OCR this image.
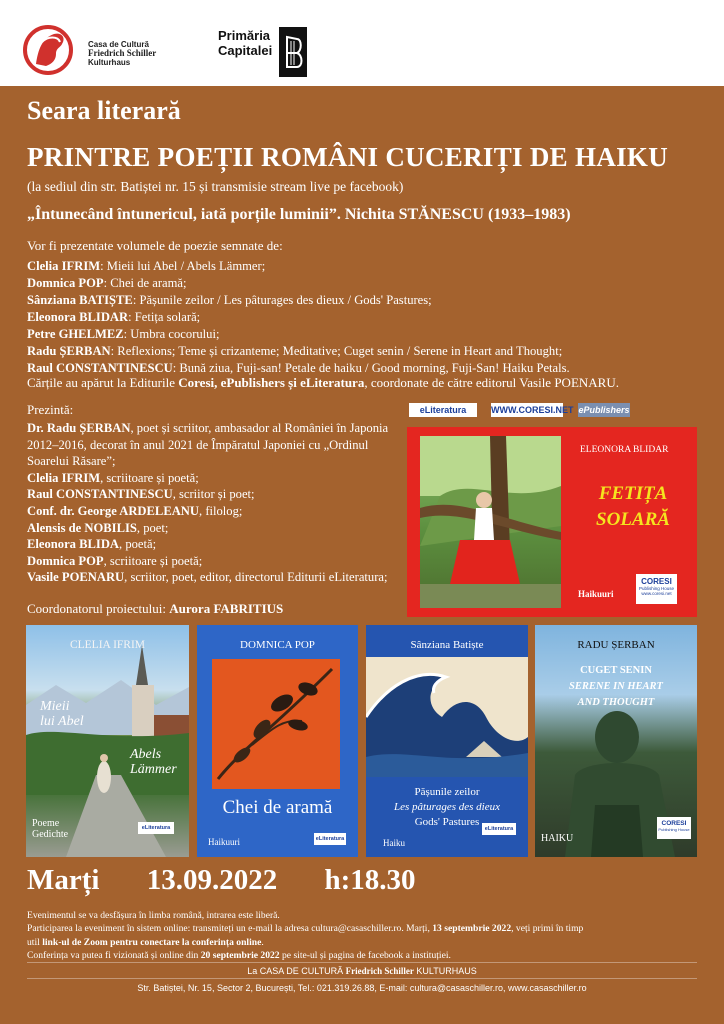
Casa de Cultură
Friedrich Schiller
Kulturhaus
Primăria
Capitalei
Seara literară
PRINTRE POEȚII ROMÂNI CUCERIȚI DE HAIKU
(la sediul din str. Batiștei nr. 15 și transmisie stream live pe facebook)
„Întunecând întunericul, iată porțile luminii”. Nichita STĂNESCU (1933–1983)
Vor fi prezentate volumele de poezie semnate de:
Clelia IFRIM: Mieii lui Abel / Abels Lämmer;
Domnica POP: Chei de aramă;
Sânziana BATIȘTE: Pășunile zeilor / Les pâturages des dieux / Gods' Pastures;
Eleonora BLIDAR: Fetița solară;
Petre GHELMEZ: Umbra cocorului;
Radu ȘERBAN: Reflexions; Teme și crizanteme; Meditative; Cuget senin / Serene in Heart and Thought;
Raul CONSTANTINESCU: Bună ziua, Fuji-san! Petale de haiku / Good morning, Fuji-San! Haiku Petals.
Cărțile au apărut la Editurile Coresi, ePublishers și eLiteratura, coordonate de către editorul Vasile POENARU.
Prezintă:
Dr. Radu ȘERBAN, poet și scriitor, ambasador al României în Japonia 2012–2016, decorat în anul 2021 de Împăratul Japoniei cu „Ordinul Soarelui Răsare”;
Clelia IFRIM, scriitoare și poetă;
Raul CONSTANTINESCU, scriitor și poet;
Conf. dr. George ARDELEANU, filolog;
Alensis de NOBILIS, poet;
Eleonora BLIDA, poetă;
Domnica POP, scriitoare și poetă;
Vasile POENARU, scriitor, poet, editor, directorul Editurii eLiteratura;
Coordonatorul proiectului: Aurora FABRITIUS
eLiteratura	WWW.CORESI.NET ePublishers
ELEONORA BLIDAR
FETIȚA
SOLARĂ
Haikuuri
CORESI
Publishing House
www.coresi.net
CLELIA IFRIM
Mieii
lui Abel
Abels
Lämmer
Poeme
Gedichte
eLiteratura
DOMNICA POP
Chei de aramă
Haikuuri	eLiteratura
Sânziana Batiște
Pășunile zeilor
Les pâturages des dieux
Gods' Pastures
Haiku
eLiteratura
RADU ȘERBAN
CUGET SENIN
SERENE IN HEART
AND THOUGHT
HAIKU
CORESI
Publishing House
Marți 13.09.2022 h:18.30
Evenimentul se va desfășura în limba română, intrarea este liberă.
Participarea la eveniment în sistem online: transmiteți un e-mail la adresa cultura@casaschiller.ro. Marți, 13 septembrie 2022, veți primi în timp
util link-ul de Zoom pentru conectare la conferința online.
Conferința va putea fi vizionată și online din 20 septembrie 2022 pe site-ul și pagina de facebook a instituției.
La CASA DE CULTURĂ Friedrich Schiller KULTURHAUS
Str. Batiștei, Nr. 15, Sector 2, București, Tel.: 021.319.26.88, E-mail: cultura@casaschiller.ro, www.casaschiller.ro
